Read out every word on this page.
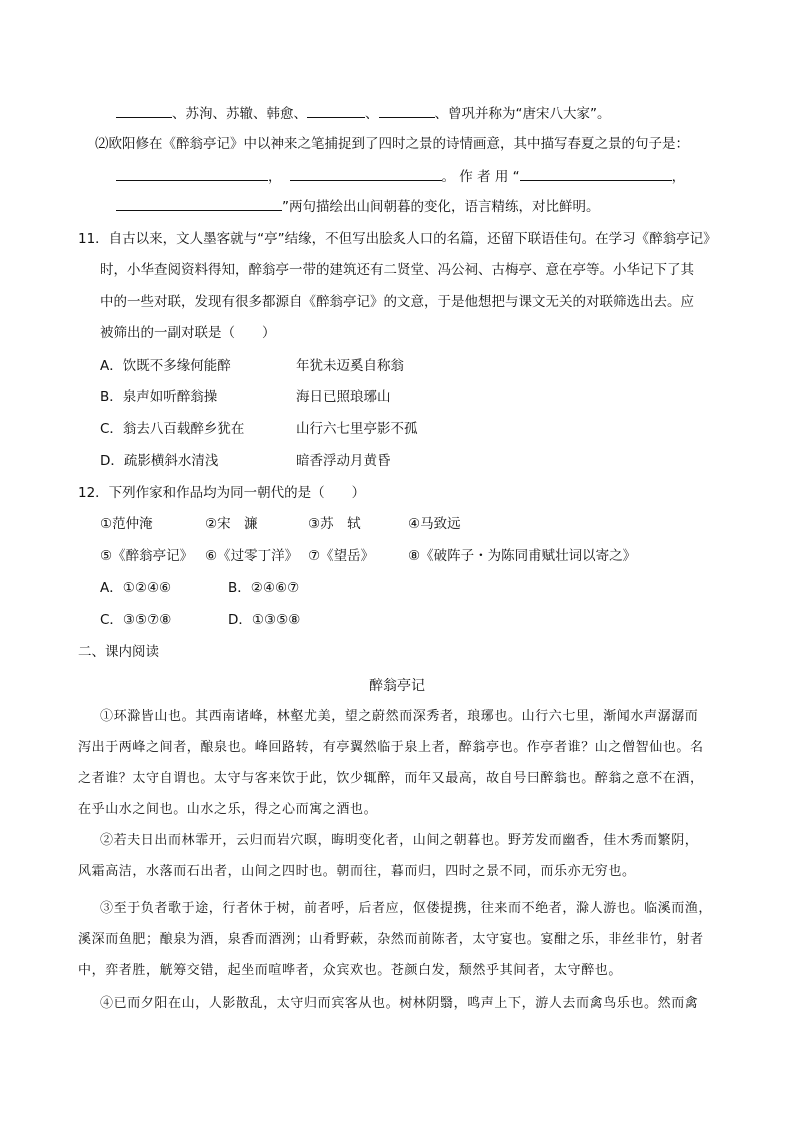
、苏洵、苏辙、韩愈、	、	、曾巩并称为“唐宋八大家”。
⑵欧阳修在《醉翁亭记》中以神来之笔捕捉到了四时之景的诗情画意，其中描写春夏之景的句子是：
，	。 作 者 用 “	，
”两句描绘出山间朝暮的变化，语言精练，对比鲜明。
11．自古以来，文人墨客就与“亭”结缘，不但写出脍炙人口的名篇，还留下联语佳句。在学习《醉翁亭记》
时，小华查阅资料得知，醉翁亭一带的建筑还有二贤堂、冯公祠、古梅亭、意在亭等。小华记下了其
中的一些对联，发现有很多都源自《醉翁亭记》的文意，于是他想把与课文无关的对联筛选出去。应
被筛出的一副对联是（　　）
A．饮既不多缘何能醉	年犹未迈奚自称翁
B．泉声如听醉翁操	海日已照琅琊山
C．翁去八百载醉乡犹在	山行六七里亭影不孤
D．疏影横斜水清浅	暗香浮动月黄昏
12．下列作家和作品均为同一朝代的是（　　）
①范仲淹	②宋　濂	③苏　轼	④马致远
⑤《醉翁亭记》 ⑥《过零丁洋》 ⑦《望岳》	⑧《破阵子・为陈同甫赋壮词以寄之》
A．①②④⑥	B．②④⑥⑦
C．③⑤⑦⑧	D．①③⑤⑧
二、课内阅读
醉翁亭记
①环滁皆山也。其西南诸峰，林壑尤美，望之蔚然而深秀者，琅琊也。山行六七里，渐闻水声潺潺而
泻出于两峰之间者，酿泉也。峰回路转，有亭翼然临于泉上者，醉翁亭也。作亭者谁？山之僧智仙也。名
之者谁？太守自谓也。太守与客来饮于此，饮少辄醉，而年又最高，故自号曰醉翁也。醉翁之意不在酒，
在乎山水之间也。山水之乐，得之心而寓之酒也。
②若夫日出而林霏开，云归而岩穴暝，晦明变化者，山间之朝暮也。野芳发而幽香，佳木秀而繁阴，
风霜高洁，水落而石出者，山间之四时也。朝而往，暮而归，四时之景不同，而乐亦无穷也。
③至于负者歌于途，行者休于树，前者呼，后者应，伛偻提携，往来而不绝者，滁人游也。临溪而渔，
溪深而鱼肥；酿泉为酒，泉香而酒洌；山肴野蔌，杂然而前陈者，太守宴也。宴酣之乐，非丝非竹，射者
中，弈者胜，觥筹交错，起坐而喧哗者，众宾欢也。苍颜白发，颓然乎其间者，太守醉也。
④已而夕阳在山，人影散乱，太守归而宾客从也。树林阴翳，鸣声上下，游人去而禽鸟乐也。然而禽
